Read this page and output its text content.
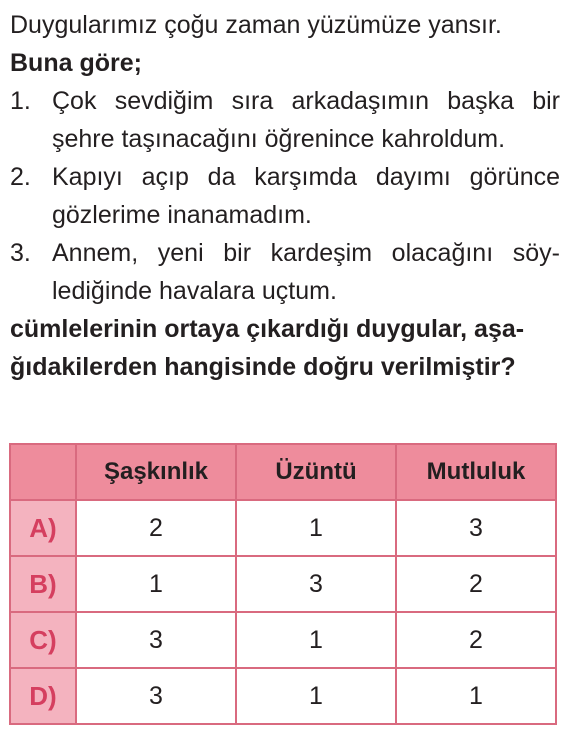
Duygularımız çoğu zaman yüzümüze yansır.
Buna göre;
1. Çok sevdiğim sıra arkadaşımın başka bir
şehre taşınacağını öğrenince kahroldum.
2. Kapıyı açıp da karşımda dayımı görünce
gözlerime inanamadım.
3. Annem, yeni bir kardeşim olacağını söy-
lediğinde havalara uçtum.
cümlelerinin ortaya çıkardığı duygular, aşa-
ğıdakilerden hangisinde doğru verilmiştir?
	Şaşkınlık	Üzüntü	Mutluluk
A)	2	1	3
B)	1	3	2
C)	3	1	2
D)	3	1	1
